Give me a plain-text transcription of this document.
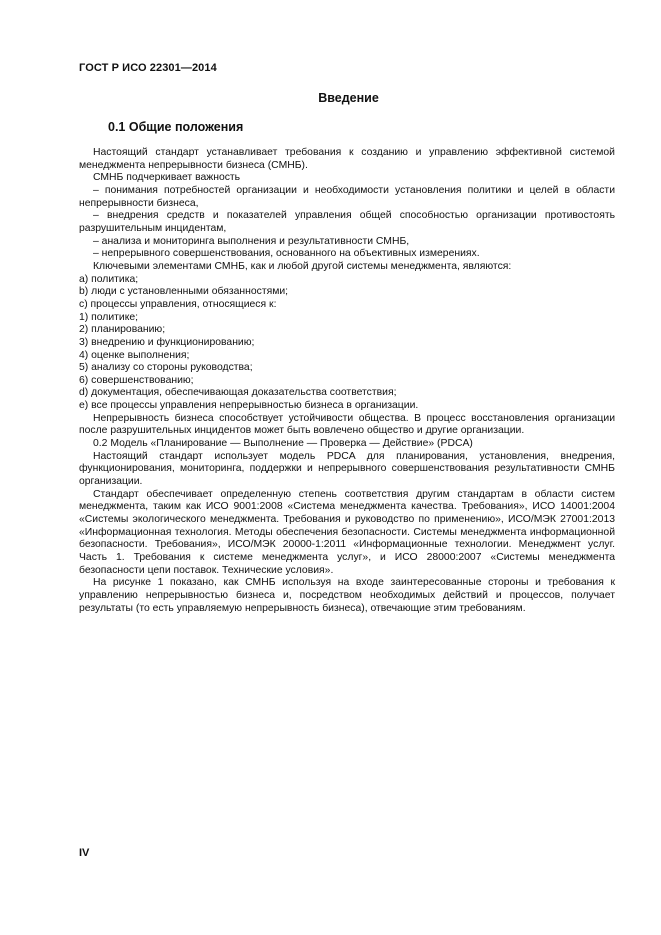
ГОСТ Р ИСО 22301—2014
Введение
0.1 Общие положения

Настоящий стандарт устанавливает требования к созданию и управлению эффективной системой менеджмента непрерывности бизнеса (СМНБ).

СМНБ подчеркивает важность

– понимания потребностей организации и необходимости установления политики и целей в области непрерывности бизнеса,

– внедрения средств и показателей управления общей способностью организации противостоять разрушительным инцидентам,

– анализа и мониторинга выполнения и результативности СМНБ,

– непрерывного совершенствования, основанного на объективных измерениях.

Ключевыми элементами СМНБ, как и любой другой системы менеджмента, являются:

a) политика;

b) люди с установленными обязанностями;

c) процессы управления, относящиеся к:

1) политике;

2) планированию;

3) внедрению и функционированию;

4) оценке выполнения;

5) анализу со стороны руководства;

6) совершенствованию;

d) документация, обеспечивающая доказательства соответствия;

e) все процессы управления непрерывностью бизнеса в организации.

Непрерывность бизнеса способствует устойчивости общества. В процесс восстановления организации после разрушительных инцидентов может быть вовлечено общество и другие организации.

0.2 Модель «Планирование — Выполнение — Проверка — Действие» (PDCA)

Настоящий стандарт использует модель PDCA для планирования, установления, внедрения, функционирования, мониторинга, поддержки и непрерывного совершенствования результативности СМНБ организации.

Стандарт обеспечивает определенную степень соответствия другим стандартам в области систем менеджмента, таким как ИСО 9001:2008 «Система менеджмента качества. Требования», ИСО 14001:2004 «Системы экологического менеджмента. Требования и руководство по применению», ИСО/МЭК 27001:2013 «Информационная технология. Методы обеспечения безопасности. Системы менеджмента информационной безопасности. Требования», ИСО/МЭК 20000-1:2011 «Информационные технологии. Менеджмент услуг. Часть 1. Требования к системе менеджмента услуг», и ИСО 28000:2007 «Системы менеджмента безопасности цепи поставок. Технические условия».

На рисунке 1 показано, как СМНБ используя на входе заинтересованные стороны и требования к управлению непрерывностью бизнеса и, посредством необходимых действий и процессов, получает результаты (то есть управляемую непрерывность бизнеса), отвечающие этим требованиям.

IV
